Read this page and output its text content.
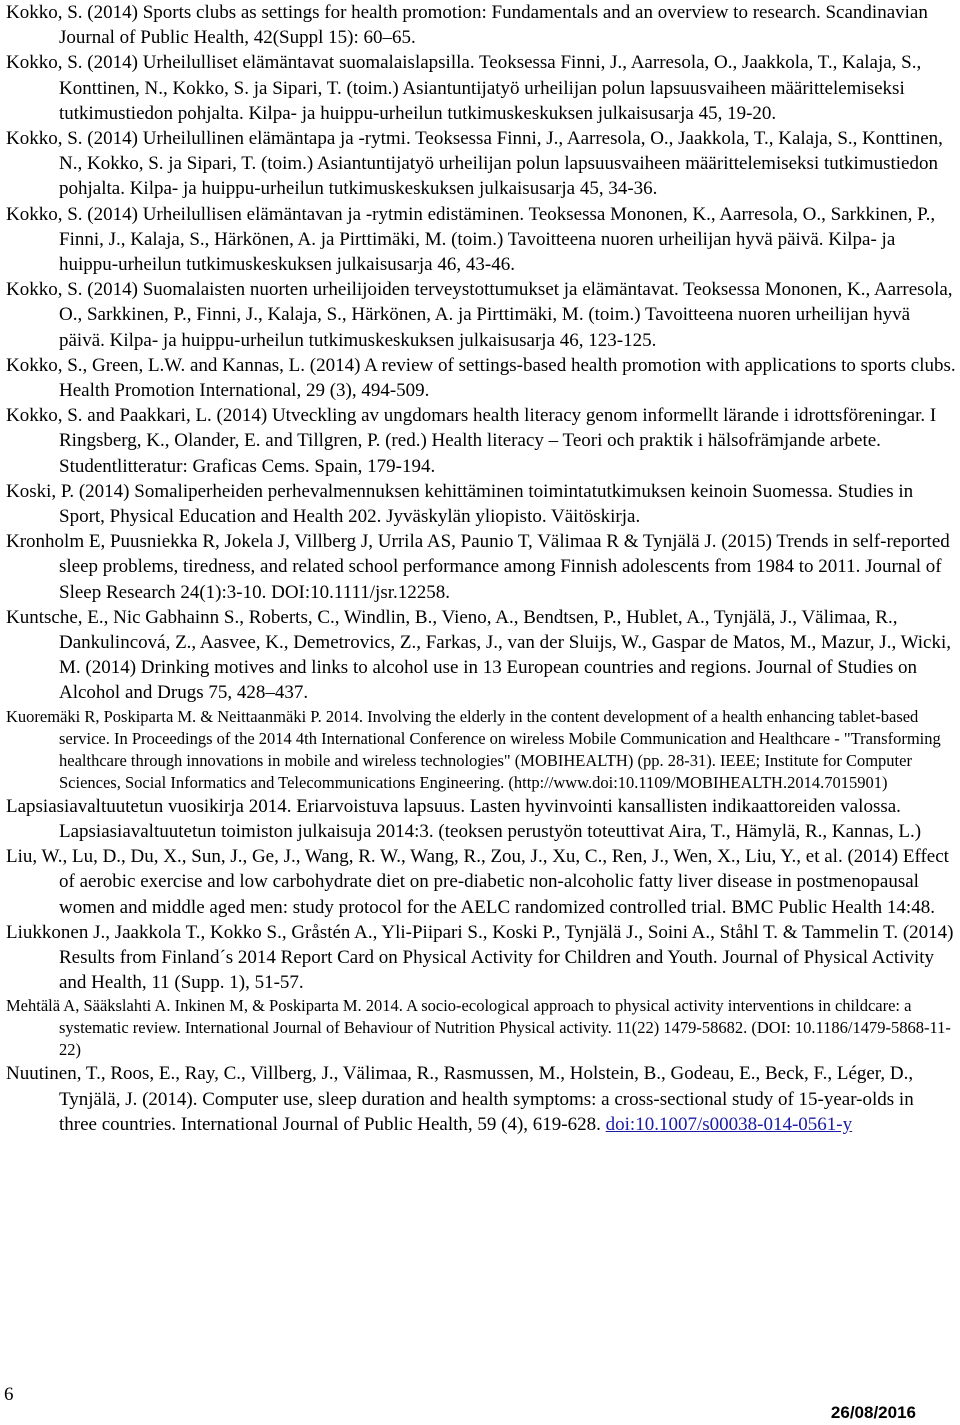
Kokko, S. (2014) Sports clubs as settings for health promotion: Fundamentals and an overview to research. Scandinavian Journal of Public Health, 42(Suppl 15): 60–65.

Kokko, S. (2014) Urheilulliset elämäntavat suomalaislapsilla. Teoksessa Finni, J., Aarresola, O., Jaakkola, T., Kalaja, S., Konttinen, N., Kokko, S. ja Sipari, T. (toim.) Asiantuntijatyö urheilijan polun lapsuusvaiheen määrittelemiseksi tutkimustiedon pohjalta. Kilpa- ja huippu-urheilun tutkimuskeskuksen julkaisusarja 45, 19-20.

Kokko, S. (2014) Urheilullinen elämäntapa ja -rytmi. Teoksessa Finni, J., Aarresola, O., Jaakkola, T., Kalaja, S., Konttinen, N., Kokko, S. ja Sipari, T. (toim.) Asiantuntijatyö urheilijan polun lapsuusvaiheen määrittelemiseksi tutkimustiedon pohjalta. Kilpa- ja huippu-urheilun tutkimuskeskuksen julkaisusarja 45, 34-36.

Kokko, S. (2014) Urheilullisen elämäntavan ja -rytmin edistäminen. Teoksessa Mononen, K., Aarresola, O., Sarkkinen, P., Finni, J., Kalaja, S., Härkönen, A. ja Pirttimäki, M. (toim.) Tavoitteena nuoren urheilijan hyvä päivä. Kilpa- ja huippu-urheilun tutkimuskeskuksen julkaisusarja 46, 43-46.

Kokko, S. (2014) Suomalaisten nuorten urheilijoiden terveystottumukset ja elämäntavat. Teoksessa Mononen, K., Aarresola, O., Sarkkinen, P., Finni, J., Kalaja, S., Härkönen, A. ja Pirttimäki, M. (toim.) Tavoitteena nuoren urheilijan hyvä päivä. Kilpa- ja huippu-urheilun tutkimuskeskuksen julkaisusarja 46, 123-125.

Kokko, S., Green, L.W. and Kannas, L. (2014) A review of settings-based health promotion with applications to sports clubs. Health Promotion International, 29 (3), 494-509.

Kokko, S. and Paakkari, L. (2014) Utveckling av ungdomars health literacy genom informellt lärande i idrottsföreningar. I Ringsberg, K., Olander, E. and Tillgren, P. (red.) Health literacy – Teori och praktik i hälsofrämjande arbete. Studentlitteratur: Graficas Cems. Spain, 179-194.

Koski, P. (2014) Somaliperheiden perhevalmennuksen kehittäminen toimintatutkimuksen keinoin Suomessa. Studies in Sport, Physical Education and Health 202. Jyväskylän yliopisto. Väitöskirja.

Kronholm E, Puusniekka R, Jokela J, Villberg J, Urrila AS, Paunio T, Välimaa R & Tynjälä J. (2015) Trends in self-reported sleep problems, tiredness, and related school performance among Finnish adolescents from 1984 to 2011. Journal of Sleep Research 24(1):3-10. DOI:10.1111/jsr.12258.

Kuntsche, E., Nic Gabhainn S., Roberts, C., Windlin, B., Vieno, A., Bendtsen, P., Hublet, A., Tynjälä, J., Välimaa, R., Dankulincová, Z., Aasvee, K., Demetrovics, Z., Farkas, J., van der Sluijs, W., Gaspar de Matos, M., Mazur, J., Wicki, M. (2014) Drinking motives and links to alcohol use in 13 European countries and regions. Journal of Studies on Alcohol and Drugs 75, 428–437.

Kuoremäki R, Poskiparta M. & Neittaanmäki P. 2014. Involving the elderly in the content development of a health enhancing tablet-based service. In Proceedings of the 2014 4th International Conference on wireless Mobile Communication and Healthcare - "Transforming healthcare through innovations in mobile and wireless technologies" (MOBIHEALTH) (pp. 28-31). IEEE; Institute for Computer Sciences, Social Informatics and Telecommunications Engineering. (http://www.doi:10.1109/MOBIHEALTH.2014.7015901)

Lapsiasiavaltuutetun vuosikirja 2014. Eriarvoistuva lapsuus. Lasten hyvinvointi kansallisten indikaattoreiden valossa. Lapsiasiavaltuutetun toimiston julkaisuja 2014:3. (teoksen perustyön toteuttivat Aira, T., Hämylä, R., Kannas, L.)

Liu, W., Lu, D., Du, X., Sun, J., Ge, J., Wang, R. W., Wang, R., Zou, J., Xu, C., Ren, J., Wen, X., Liu, Y., et al. (2014) Effect of aerobic exercise and low carbohydrate diet on pre-diabetic non-alcoholic fatty liver disease in postmenopausal women and middle aged men: study protocol for the AELC randomized controlled trial. BMC Public Health 14:48.

Liukkonen J., Jaakkola T., Kokko S., Gråstén A., Yli-Piipari S., Koski P., Tynjälä J., Soini A., Ståhl T. & Tammelin T. (2014) Results from Finland´s 2014 Report Card on Physical Activity for Children and Youth. Journal of Physical Activity and Health, 11 (Supp. 1), 51-57.

Mehtälä A, Sääkslahti A. Inkinen M, & Poskiparta M. 2014. A socio-ecological approach to physical activity interventions in childcare: a systematic review. International Journal of Behaviour of Nutrition Physical activity. 11(22) 1479-58682. (DOI: 10.1186/1479-5868-11-22)

Nuutinen, T., Roos, E., Ray, C., Villberg, J., Välimaa, R., Rasmussen, M., Holstein, B., Godeau, E., Beck, F., Léger, D., Tynjälä, J. (2014). Computer use, sleep duration and health symptoms: a cross-sectional study of 15-year-olds in three countries. International Journal of Public Health, 59 (4), 619-628. doi:10.1007/s00038-014-0561-y

6
26/08/2016
